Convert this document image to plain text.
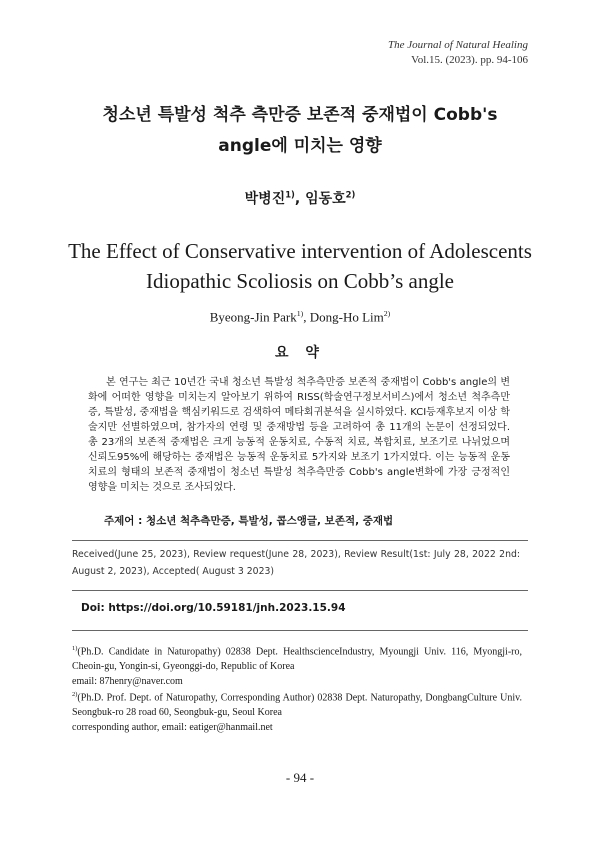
The Journal of Natural Healing
Vol.15. (2023). pp. 94-106
청소년 특발성 척추 측만증 보존적 중재법이 Cobb's
angle에 미치는 영향
박병진$^{1)}$, 임동호$^{2)}$
The Effect of Conservative intervention of Adolescents
Idiopathic Scoliosis on Cobb’s angle
Byeong-Jin Park$^{1)}$, Dong-Ho Lim$^{2)}$
요 약

본 연구는 최근 10년간 국내 청소년 특발성 척추측만증 보존적 중재법이 Cobb's angle의 변화에 어떠한 영향을 미치는지 알아보기 위하여 RISS(학술연구정보서비스)에서 청소년 척추측만증, 특발성, 중재법을 핵심키워드로 검색하여 메타회귀분석을 실시하였다. KCI등재후보지 이상 학술지만 선별하였으며, 참가자의 연령 및 중재방법 등을 고려하여 총 11개의 논문이 선정되었다. 총 23개의 보존적 중재법은 크게 능동적 운동치료, 수동적 치료, 복합치료, 보조기로 나뉘었으며 신뢰도95%에 해당하는 중재법은 능동적 운동치료 5가지와 보조기 1가지였다. 이는 능동적 운동치료의 형태의 보존적 중재법이 청소년 특발성 척추측만증 Cobb's angle변화에 가장 긍정적인 영향을 미치는 것으로 조사되었다.

주제어 : 청소년 척추측만증, 특발성, 콥스앵글, 보존적, 중재법

Received(June 25, 2023), Review request(June 28, 2023), Review Result(1st: July 28, 2022 2nd: August 2, 2023), Accepted( August 3 2023)

Doi: https://doi.org/10.59181/jnh.2023.15.94

$^{1)}$(Ph.D. Candidate in Naturopathy) 02838 Dept. HealthscienceIndustry, Myoungji Univ. 116, Myongji-ro, Cheoin-gu, Yongin-si, Gyeonggi-do, Republic of Korea
email: 87henry@naver.com

$^{2)}$(Ph.D. Prof. Dept. of Naturopathy, Corresponding Author) 02838 Dept. Naturopathy, DongbangCulture Univ. Seongbuk-ro 28 road 60, Seongbuk-gu, Seoul Korea
corresponding author, email: eatiger@hanmail.net

- 94 -
